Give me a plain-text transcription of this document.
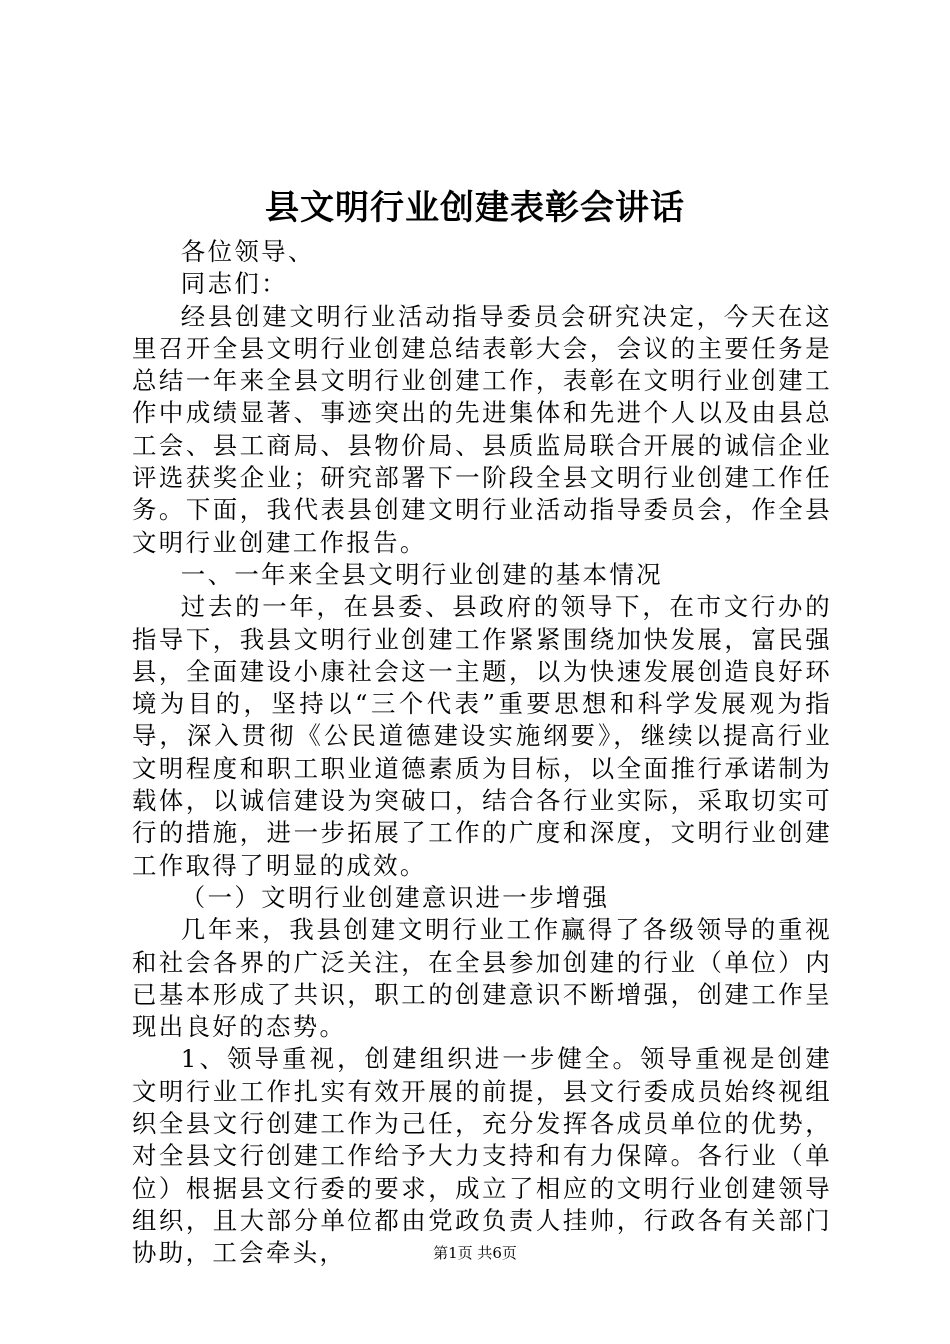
县文明行业创建表彰会讲话

各位领导、

同志们：

经县创建文明行业活动指导委员会研究决定，今天在这里召开全县文明行业创建总结表彰大会，会议的主要任务是总结一年来全县文明行业创建工作，表彰在文明行业创建工作中成绩显著、事迹突出的先进集体和先进个人以及由县总工会、县工商局、县物价局、县质监局联合开展的诚信企业评选获奖企业；研究部署下一阶段全县文明行业创建工作任务。下面，我代表县创建文明行业活动指导委员会，作全县文明行业创建工作报告。

一、一年来全县文明行业创建的基本情况

过去的一年，在县委、县政府的领导下，在市文行办的指导下，我县文明行业创建工作紧紧围绕加快发展，富民强县，全面建设小康社会这一主题，以为快速发展创造良好环境为目的，坚持以“三个代表”重要思想和科学发展观为指导，深入贯彻《公民道德建设实施纲要》，继续以提高行业文明程度和职工职业道德素质为目标，以全面推行承诺制为载体，以诚信建设为突破口，结合各行业实际，采取切实可行的措施，进一步拓展了工作的广度和深度，文明行业创建工作取得了明显的成效。

（一）文明行业创建意识进一步增强

几年来，我县创建文明行业工作赢得了各级领导的重视和社会各界的广泛关注，在全县参加创建的行业（单位）内已基本形成了共识，职工的创建意识不断增强，创建工作呈现出良好的态势。

1、领导重视，创建组织进一步健全。领导重视是创建文明行业工作扎实有效开展的前提，县文行委成员始终视组织全县文行创建工作为己任，充分发挥各成员单位的优势，对全县文行创建工作给予大力支持和有力保障。各行业（单位）根据县文行委的要求，成立了相应的文明行业创建领导组织，且大部分单位都由党政负责人挂帅，行政各有关部门协助，工会牵头，	第1页 共6页
